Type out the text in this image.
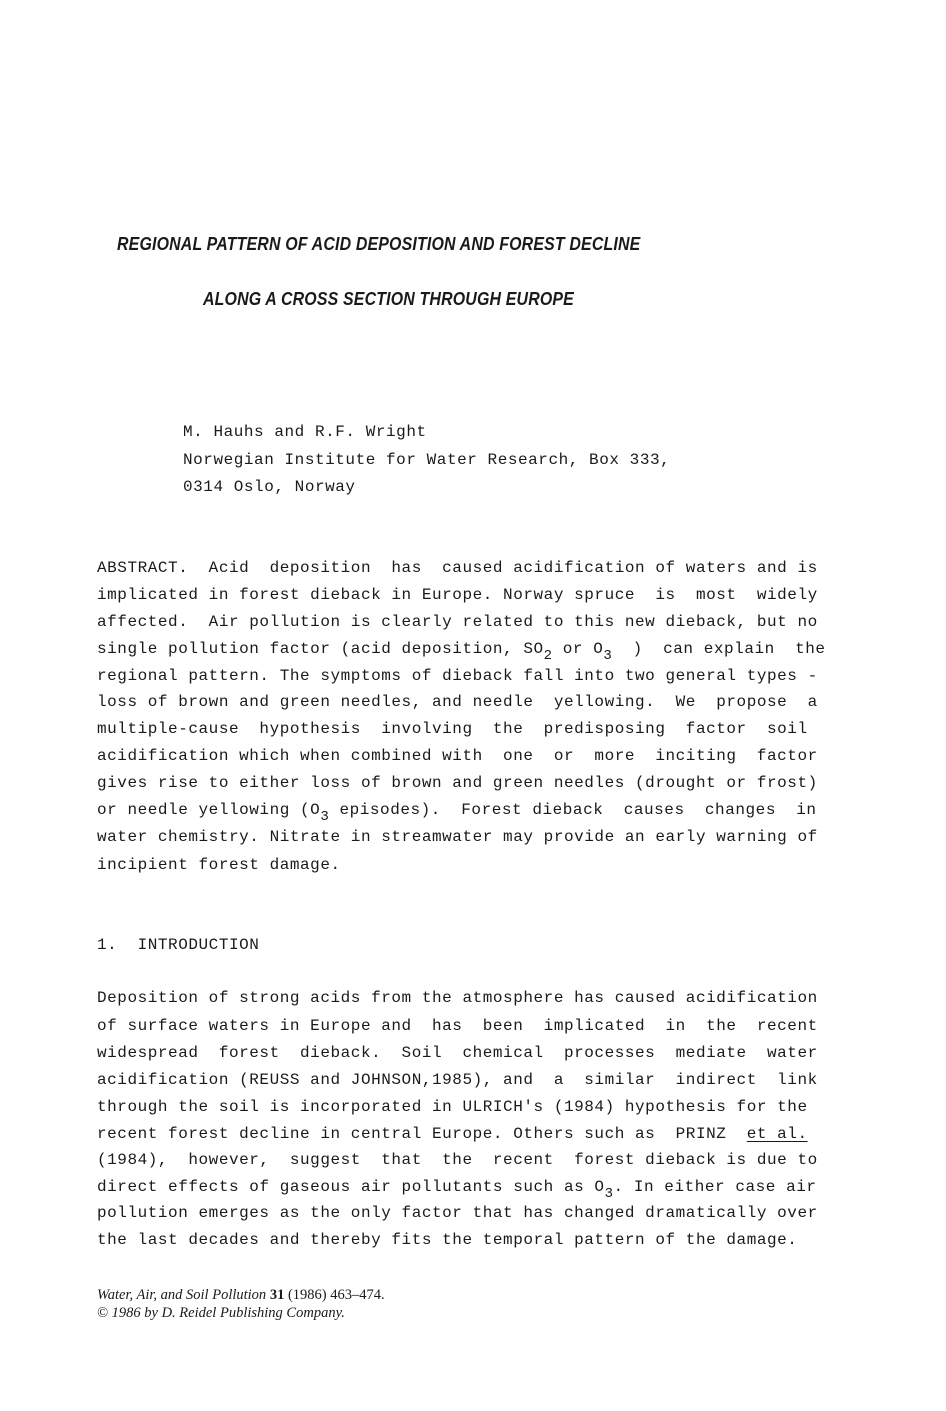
REGIONAL PATTERN OF ACID DEPOSITION AND FOREST DECLINE
ALONG A CROSS SECTION THROUGH EUROPE
M. Hauhs and R.F. Wright
Norwegian Institute for Water Research, Box 333,
0314 Oslo, Norway
ABSTRACT.  Acid  deposition  has  caused acidification of waters and is
implicated in forest dieback in Europe. Norway spruce  is  most  widely
affected.  Air pollution is clearly related to this new dieback, but no
single pollution factor (acid deposition, $SO_2$ or $O_3$  )  can explain  the
regional pattern. The symptoms of dieback fall into two general types -
loss of brown and green needles, and needle  yellowing.  We  propose  a
multiple-cause  hypothesis  involving  the  predisposing  factor  soil
acidification which when combined with  one  or  more  inciting  factor
gives rise to either loss of brown and green needles (drought or frost)
or needle yellowing ($O_3$ episodes).  Forest dieback  causes  changes  in
water chemistry. Nitrate in streamwater may provide an early warning of
incipient forest damage.
1.  INTRODUCTION
Deposition of strong acids from the atmosphere has caused acidification
of surface waters in Europe and  has  been  implicated  in  the  recent
widespread  forest  dieback.  Soil  chemical  processes  mediate  water
acidification (REUSS and JOHNSON,1985), and  a  similar  indirect  link
through the soil is incorporated in ULRICH's (1984) hypothesis for the
recent forest decline in central Europe. Others such as  PRINZ  et al.
(1984),  however,  suggest  that  the  recent  forest dieback is due to
direct effects of gaseous air pollutants such as $O_3$. In either case air
pollution emerges as the only factor that has changed dramatically over
the last decades and thereby fits the temporal pattern of the damage.
Water, Air, and Soil Pollution 31 (1986) 463–474.
© 1986 by D. Reidel Publishing Company.
